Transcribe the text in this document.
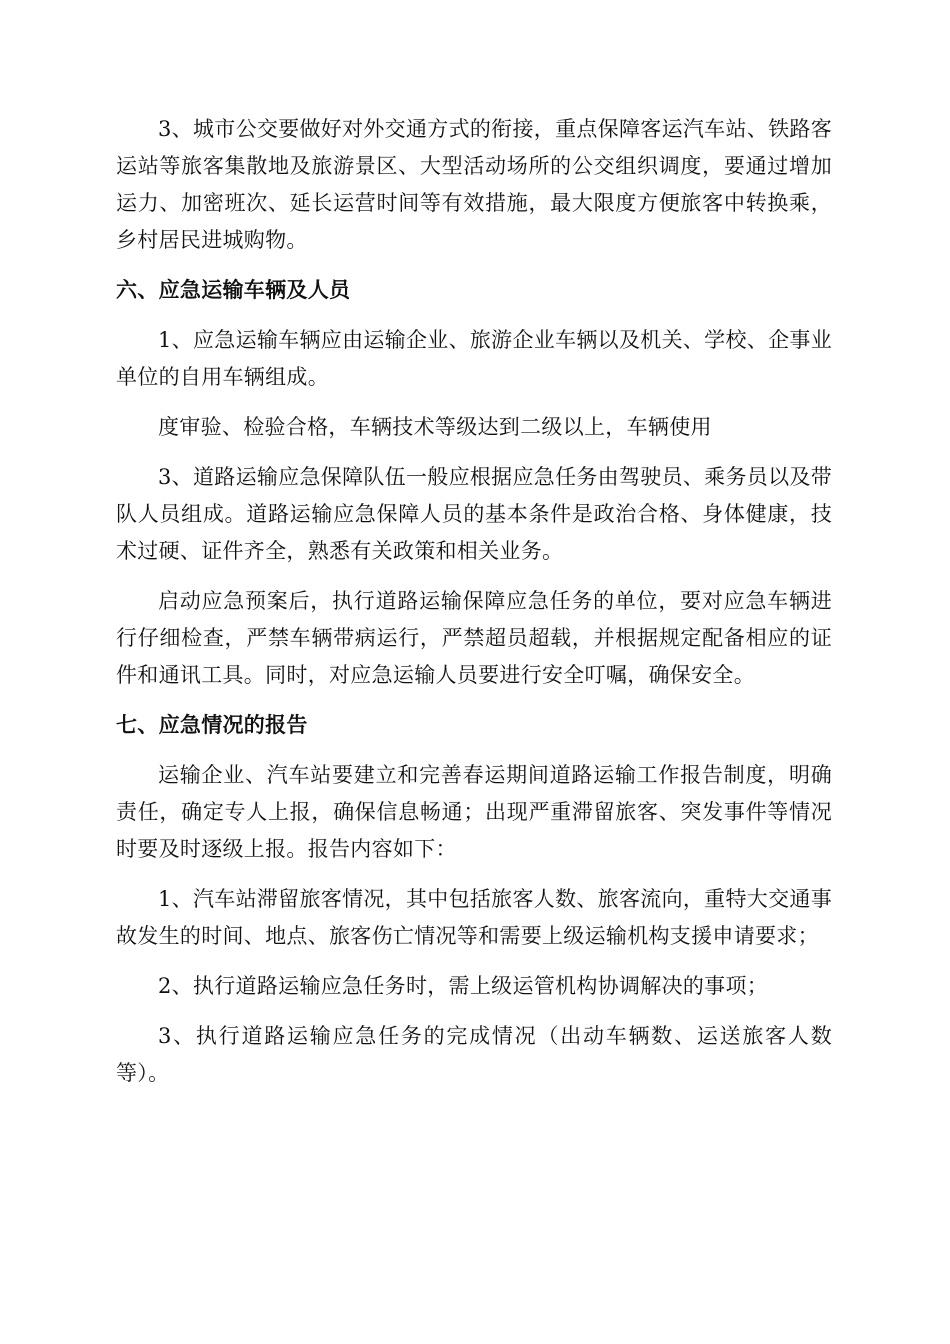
3、城市公交要做好对外交通方式的衔接，重点保障客运汽车站、铁路客运站等旅客集散地及旅游景区、大型活动场所的公交组织调度，要通过增加运力、加密班次、延长运营时间等有效措施，最大限度方便旅客中转换乘，乡村居民进城购物。

六、应急运输车辆及人员

1、应急运输车辆应由运输企业、旅游企业车辆以及机关、学校、企事业单位的自用车辆组成。

度审验、检验合格，车辆技术等级达到二级以上，车辆使用

3、道路运输应急保障队伍一般应根据应急任务由驾驶员、乘务员以及带队人员组成。道路运输应急保障人员的基本条件是政治合格、身体健康，技术过硬、证件齐全，熟悉有关政策和相关业务。

启动应急预案后，执行道路运输保障应急任务的单位，要对应急车辆进行仔细检查，严禁车辆带病运行，严禁超员超载，并根据规定配备相应的证件和通讯工具。同时，对应急运输人员要进行安全叮嘱，确保安全。

七、应急情况的报告

运输企业、汽车站要建立和完善春运期间道路运输工作报告制度，明确责任，确定专人上报，确保信息畅通；出现严重滞留旅客、突发事件等情况时要及时逐级上报。报告内容如下：

1、汽车站滞留旅客情况，其中包括旅客人数、旅客流向，重特大交通事故发生的时间、地点、旅客伤亡情况等和需要上级运输机构支援申请要求；

2、执行道路运输应急任务时，需上级运管机构协调解决的事项；

3、执行道路运输应急任务的完成情况（出动车辆数、运送旅客人数等）。
